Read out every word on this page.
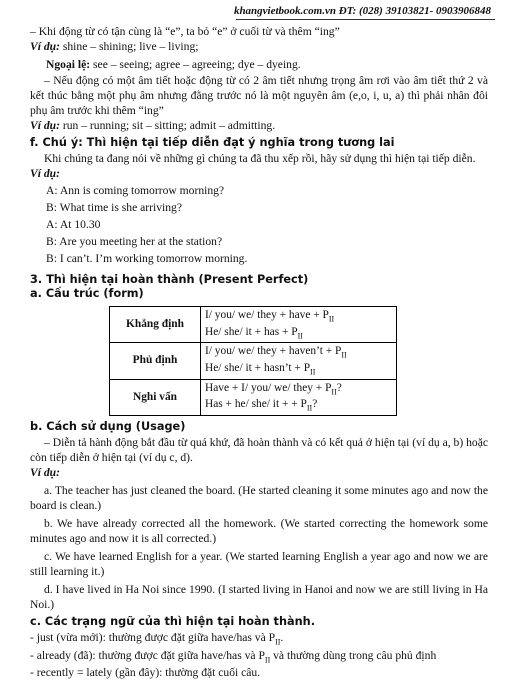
khangvietbook.com.vn ĐT: (028) 39103821- 0903906848

– Khi động từ có tận cùng là “e”, ta bỏ “e” ở cuối từ và thêm “ing”

Ví dụ: shine – shining; live – living;

Ngoại lệ: see – seeing; agree – agreeing; dye – dyeing.

– Nếu động có một âm tiết hoặc động từ có 2 âm tiết nhưng trọng âm rơi vào âm tiết thứ 2 và kết thúc bằng một phụ âm nhưng đằng trước nó là một nguyên âm (e,o, i, u, a) thì phải nhân đôi phụ âm trước khi thêm “ing”

Ví dụ: run – running; sit – sitting; admit – admitting.

f. Chú ý: Thì hiện tại tiếp diễn đạt ý nghĩa trong tương lai

Khi chúng ta đang nói về những gì chúng ta đã thu xếp rồi, hãy sử dụng thì hiện tại tiếp diễn.

Ví dụ:

A: Ann is coming tomorrow morning?

B: What time is she arriving?

A: At 10.30

B: Are you meeting her at the station?

B: I can’t. I’m working tomorrow morning.

3. Thì hiện tại hoàn thành (Present Perfect)

a. Cấu trúc (form)

Khẳng định	I/ you/ we/ they + have + $P_{II}$
He/ she/ it + has + $P_{II}$

Phủ định	I/ you/ we/ they + haven’t + $P_{II}$
He/ she/ it + hasn’t + $P_{II}$

Nghi vấn	Have + I/ you/ we/ they + $P_{II}$?
Has + he/ she/ it + + $P_{II}$?

b. Cách sử dụng (Usage)

– Diễn tả hành động bắt đầu từ quá khứ, đã hoàn thành và có kết quả ở hiện tại (ví dụ a, b) hoặc còn tiếp diễn ở hiện tại (ví dụ c, d).

Ví dụ:

a. The teacher has just cleaned the board. (He started cleaning it some minutes ago and now the board is clean.)

b. We have already corrected all the homework. (We started correcting the homework some minutes ago and now it is all corrected.)

c. We have learned English for a year. (We started learning English a year ago and now we are still learning it.)

d. I have lived in Ha Noi since 1990. (I started living in Hanoi and now we are still living in Ha Noi.)

c. Các trạng ngữ của thì hiện tại hoàn thành.

- just (vừa mới): thường được đặt giữa have/has và $P_{II}$.

- already (đã): thường được đặt giữa have/has và $P_{II}$ và thường dùng trong câu phủ định

- recently = lately (gần đây): thường đặt cuối câu.
